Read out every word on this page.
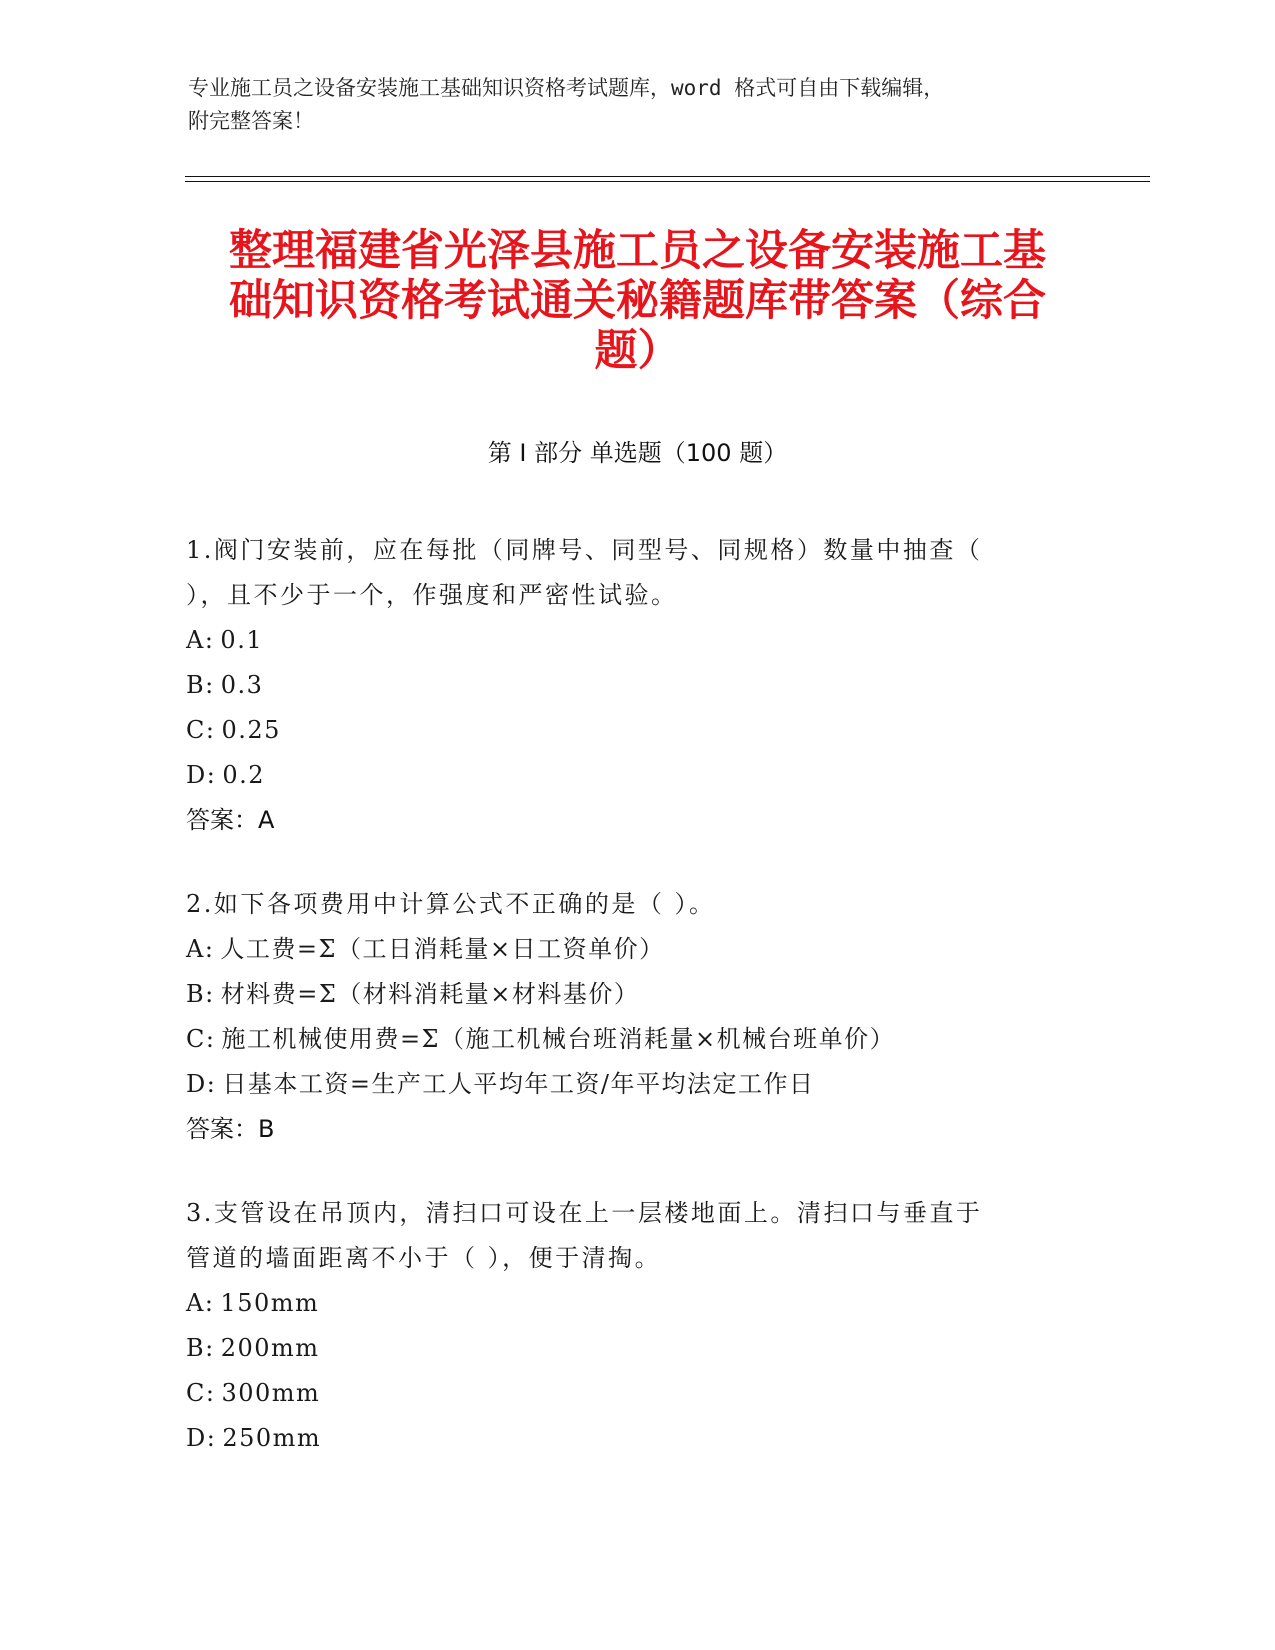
专业施工员之设备安装施工基础知识资格考试题库，word 格式可自由下载编辑，
附完整答案！
整理福建省光泽县施工员之设备安装施工基
础知识资格考试通关秘籍题库带答案（综合
题）
第 I 部分 单选题（100 题）
1.阀门安装前，应在每批（同牌号、同型号、同规格）数量中抽查（
），且不少于一个，作强度和严密性试验。
A: 0.1
B: 0.3
C: 0.25
D: 0.2
答案：A
2.如下各项费用中计算公式不正确的是（ ）。
A: 人工费=Σ（工日消耗量×日工资单价）
B: 材料费=Σ（材料消耗量×材料基价）
C: 施工机械使用费=Σ（施工机械台班消耗量×机械台班单价）
D: 日基本工资=生产工人平均年工资/年平均法定工作日
答案：B
3.支管设在吊顶内，清扫口可设在上一层楼地面上。清扫口与垂直于
管道的墙面距离不小于（ ），便于清掏。
A: 150mm
B: 200mm
C: 300mm
D: 250mm
